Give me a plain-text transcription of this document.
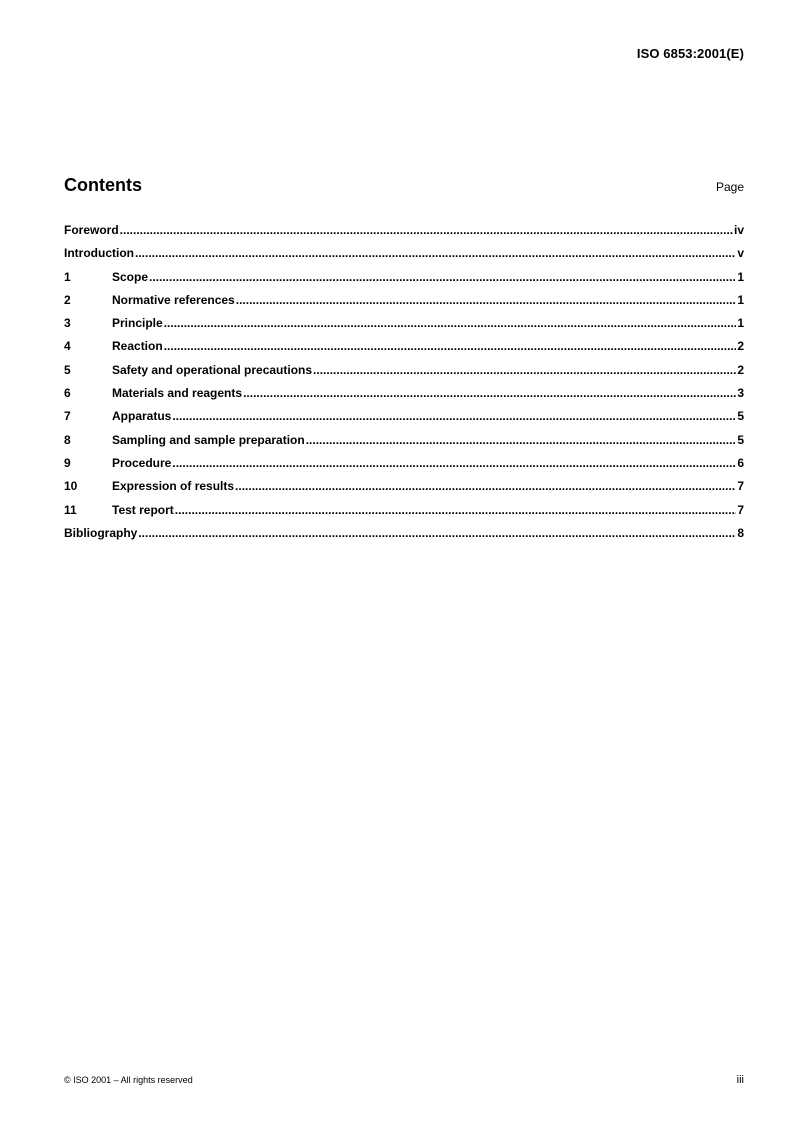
ISO 6853:2001(E)
Contents	Page
Foreword .....	iv
Introduction .....	v
1	Scope .....	1
2	Normative references .....	1
3	Principle .....	1
4	Reaction .....	2
5	Safety and operational precautions .....	2
6	Materials and reagents .....	3
7	Apparatus .....	5
8	Sampling and sample preparation .....	5
9	Procedure .....	6
10	Expression of results .....	7
11	Test report .....	7
Bibliography .....	8
© ISO 2001 – All rights reserved	iii
